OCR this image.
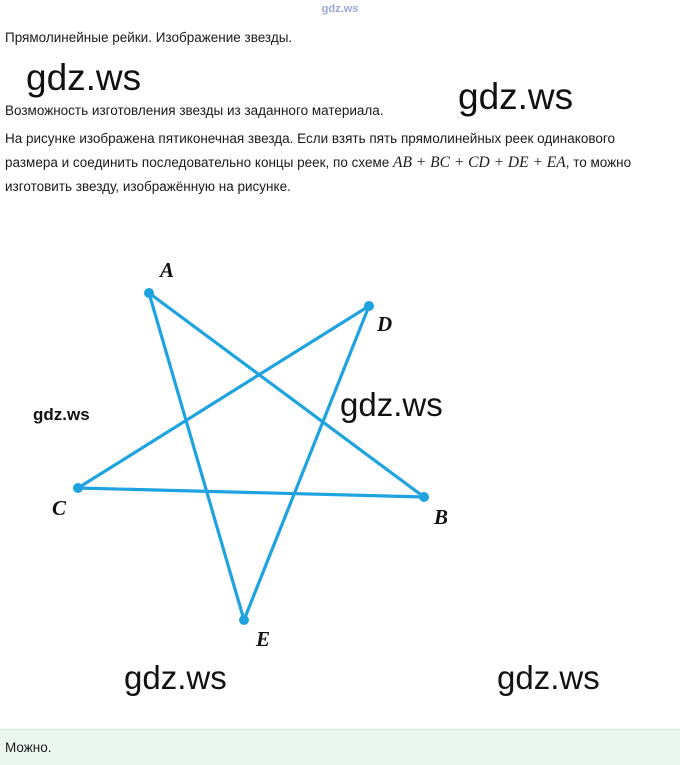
gdz.ws
Прямолинейные рейки. Изображение звезды.
Возможность изготовления звезды из заданного материала.
На рисунке изображена пятиконечная звезда. Если взять пять прямолинейных реек одинакового размера и соединить последовательно концы реек, по схеме AB + BC + CD + DE + EA, то можно изготовить звезду, изображённую на рисунке.
A
B
C
D
E
gdz.ws	gdz.ws
gdz.ws	gdz.ws
gdz.ws	gdz.ws
Можно.
